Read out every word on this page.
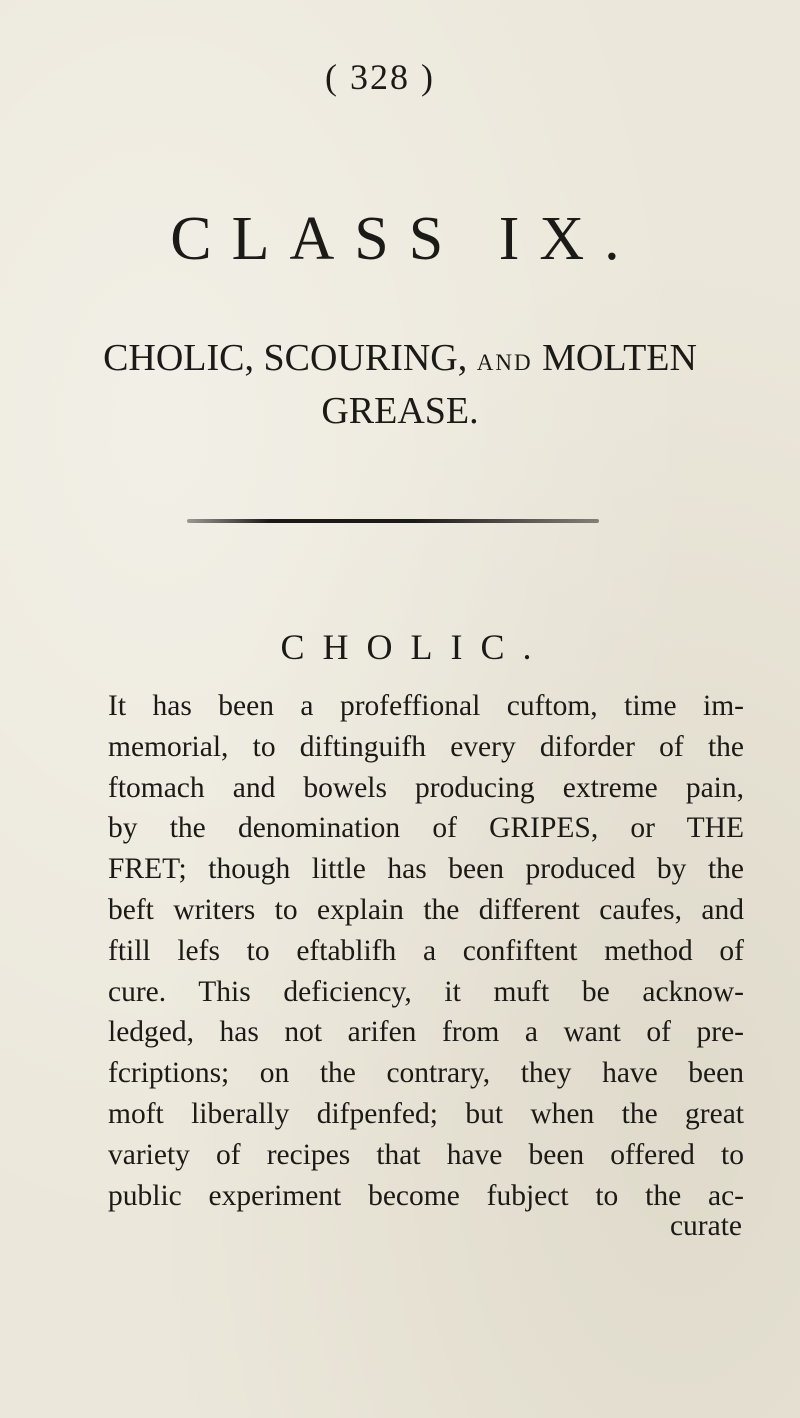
( 328 )
CLASS IX.
CHOLIC, SCOURING, AND MOLTEN
GREASE.
CHOLIC.

It has been a profeffional cuftom, time im-
memorial, to diftinguifh every diforder of the
ftomach and bowels producing extreme pain,
by the denomination of GRIPES, or THE
FRET; though little has been produced by the
beft writers to explain the different caufes, and
ftill lefs to eftablifh a confiftent method of
cure. This deficiency, it muft be acknow-
ledged, has not arifen from a want of pre-
fcriptions; on the contrary, they have been
moft liberally difpenfed; but when the great
variety of recipes that have been offered to
public experiment become fubject to the ac-

curate
